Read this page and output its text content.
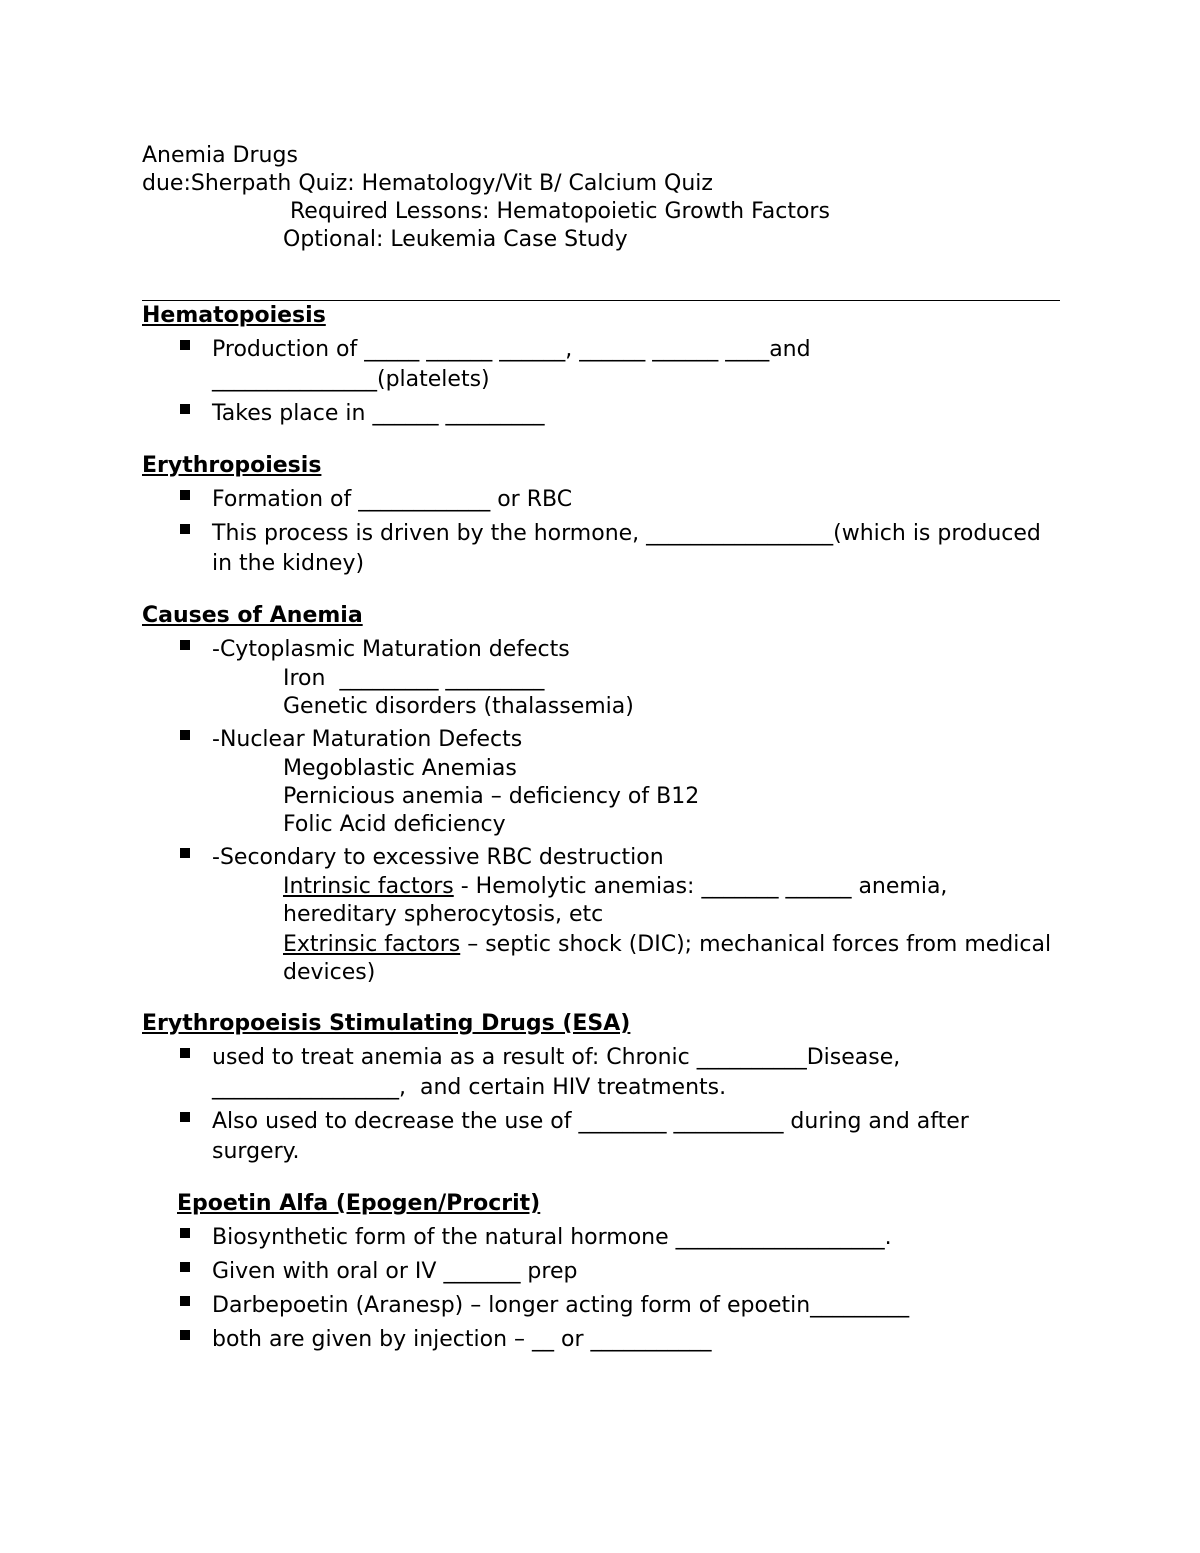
Anemia Drugs
due:Sherpath Quiz: Hematology/Vit B/ Calcium Quiz
Required Lessons: Hematopoietic Growth Factors
Optional: Leukemia Case Study
Hematopoiesis
Production of _____ ______ ______, ______ ______ ____and _______________(platelets)
Takes place in ______ _________
Erythropoiesis
Formation of ____________ or RBC
This process is driven by the hormone, _________________(which is produced in the kidney)
Causes of Anemia
-Cytoplasmic Maturation defects
Iron  _________ _________
Genetic disorders (thalassemia)
-Nuclear Maturation Defects
Megoblastic Anemias
Pernicious anemia – deficiency of B12
Folic Acid deficiency
-Secondary to excessive RBC destruction
Intrinsic factors - Hemolytic anemias: _______ ______ anemia, hereditary spherocytosis, etc
Extrinsic factors – septic shock (DIC); mechanical forces from medical devices)
Erythropoeisis Stimulating Drugs (ESA)
used to treat anemia as a result of: Chronic __________Disease, _________________,  and certain HIV treatments.
Also used to decrease the use of ________ __________ during and after surgery.
Epoetin Alfa (Epogen/Procrit)
Biosynthetic form of the natural hormone ___________________.
Given with oral or IV _______ prep
Darbepoetin (Aranesp) – longer acting form of epoetin_________
both are given by injection – __ or ___________
